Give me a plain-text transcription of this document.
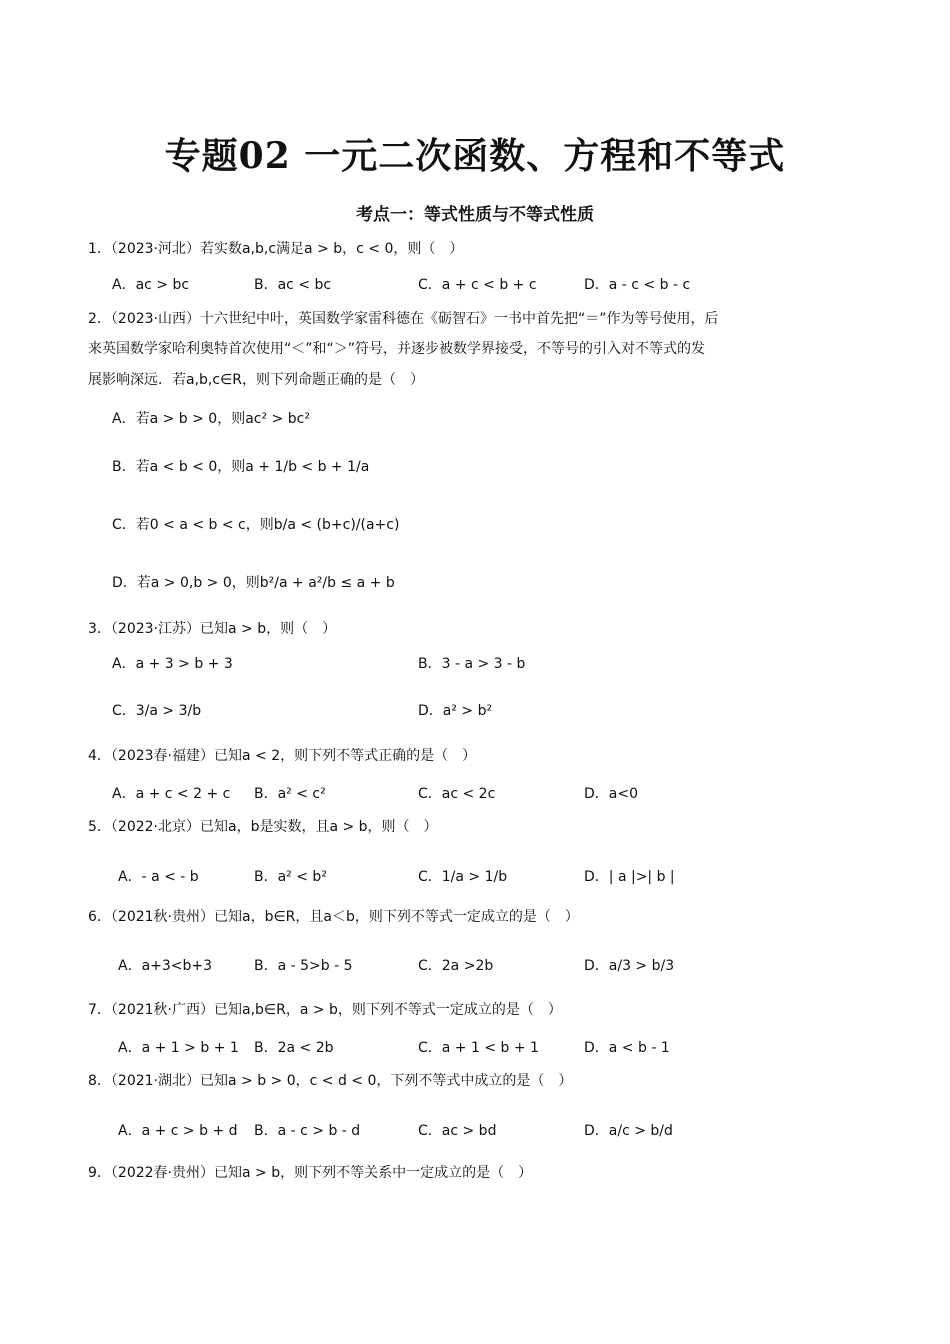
专题02 一元二次函数、方程和不等式
考点一：等式性质与不等式性质
1．（2023·河北）若实数a,b,c满足a > b，c < 0，则（　）
A．ac > bc	B．ac < bc	C．a + c < b + c	D．a - c < b - c
2．（2023·山西）十六世纪中叶，英国数学家雷科德在《砺智石》一书中首先把“＝”作为等号使用，后
来英国数学家哈利奥特首次使用“＜”和“＞”符号，并逐步被数学界接受，不等号的引入对不等式的发
展影响深远．若a,b,c∈R，则下列命题正确的是（　）
A．若a > b > 0，则ac² > bc²
B．若a < b < 0，则a + 1/b < b + 1/a
C．若0 < a < b < c，则b/a < (b+c)/(a+c)
D．若a > 0,b > 0，则b²/a + a²/b ≤ a + b
3．（2023·江苏）已知a > b，则（　）
A．a + 3 > b + 3	B．3 - a > 3 - b
C．3/a > 3/b	D．a² > b²
4．（2023春·福建）已知a < 2，则下列不等式正确的是（　）
A．a + c < 2 + c B．a² < c²	C．ac < 2c	D．a<0
5．（2022·北京）已知a，b是实数，且a > b，则（　）
A．- a < - b	B．a² < b²	C．1/a > 1/b	D．| a |>| b |
6．（2021秋·贵州）已知a，b∈R，且a＜b，则下列不等式一定成立的是（　）
A．a+3<b+3	B．a - 5>b - 5	C．2a >2b	D．a/3 > b/3
7．（2021秋·广西）已知a,b∈R，a > b，则下列不等式一定成立的是（　）
A．a + 1 > b + 1 B．2a < 2b	C．a + 1 < b + 1	D．a < b - 1
8．（2021·湖北）已知a > b > 0，c < d < 0，下列不等式中成立的是（　）
A．a + c > b + d B．a - c > b - d	C．ac > bd	D．a/c > b/d
9．（2022春·贵州）已知a > b，则下列不等关系中一定成立的是（　）
